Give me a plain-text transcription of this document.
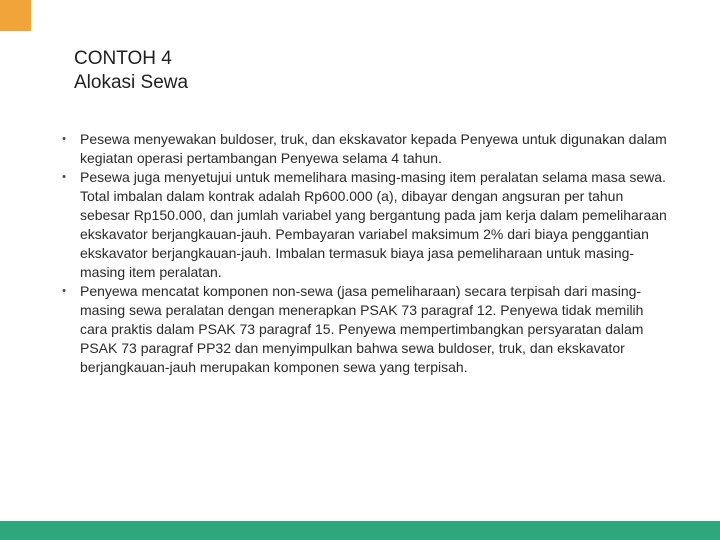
CONTOH 4
Alokasi Sewa
• Pesewa menyewakan buldoser, truk, dan ekskavator kepada Penyewa untuk digunakan dalam kegiatan operasi pertambangan Penyewa selama 4 tahun.
• Pesewa juga menyetujui untuk memelihara masing-masing item peralatan selama masa sewa. Total imbalan dalam kontrak adalah Rp600.000 (a), dibayar dengan angsuran per tahun sebesar Rp150.000, dan jumlah variabel yang bergantung pada jam kerja dalam pemeliharaan ekskavator berjangkauan-jauh. Pembayaran variabel maksimum 2% dari biaya penggantian ekskavator berjangkauan-jauh. Imbalan termasuk biaya jasa pemeliharaan untuk masing-masing item peralatan.
• Penyewa mencatat komponen non-sewa (jasa pemeliharaan) secara terpisah dari masing-masing sewa peralatan dengan menerapkan PSAK 73 paragraf 12. Penyewa tidak memilih cara praktis dalam PSAK 73 paragraf 15. Penyewa mempertimbangkan persyaratan dalam PSAK 73 paragraf PP32 dan menyimpulkan bahwa sewa buldoser, truk, dan ekskavator berjangkauan-jauh merupakan komponen sewa yang terpisah.
